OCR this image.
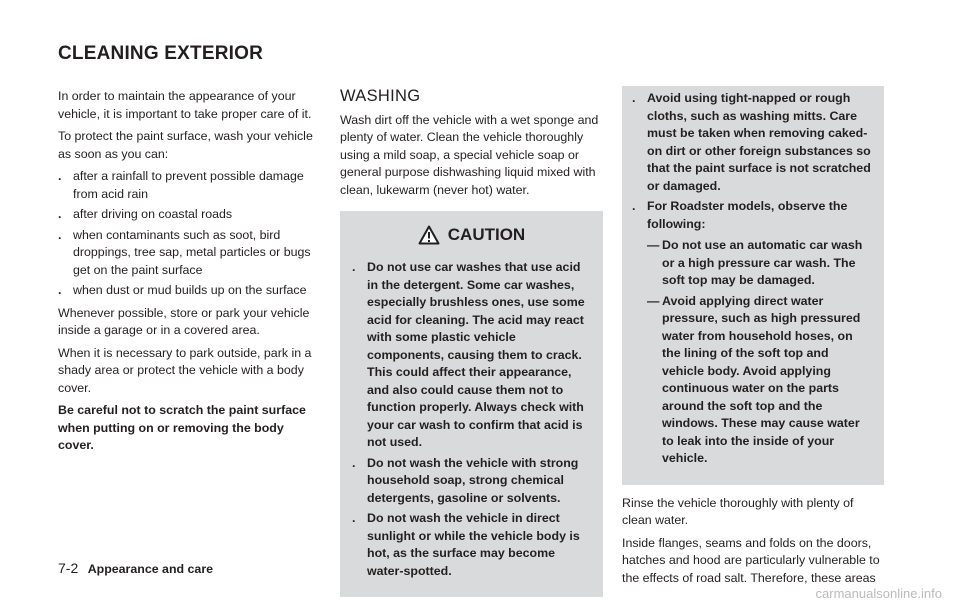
CLEANING EXTERIOR

In order to maintain the appearance of your vehicle, it is important to take proper care of it.

To protect the paint surface, wash your vehicle as soon as you can:

. after a rainfall to prevent possible damage from acid rain
. after driving on coastal roads
. when contaminants such as soot, bird droppings, tree sap, metal particles or bugs get on the paint surface
. when dust or mud builds up on the surface

Whenever possible, store or park your vehicle inside a garage or in a covered area.

When it is necessary to park outside, park in a shady area or protect the vehicle with a body cover.

Be careful not to scratch the paint surface when putting on or removing the body cover.

WASHING

Wash dirt off the vehicle with a wet sponge and plenty of water. Clean the vehicle thoroughly using a mild soap, a special vehicle soap or general purpose dishwashing liquid mixed with clean, lukewarm (never hot) water.

CAUTION
. Do not use car washes that use acid in the detergent. Some car washes, especially brushless ones, use some acid for cleaning. The acid may react with some plastic vehicle components, causing them to crack. This could affect their appearance, and also could cause them not to function properly. Always check with your car wash to confirm that acid is not used.
. Do not wash the vehicle with strong household soap, strong chemical detergents, gasoline or solvents.
. Do not wash the vehicle in direct sunlight or while the vehicle body is hot, as the surface may become water-spotted.
. Avoid using tight-napped or rough cloths, such as washing mitts. Care must be taken when removing caked-on dirt or other foreign substances so that the paint surface is not scratched or damaged.
. For Roadster models, observe the following:
— Do not use an automatic car wash or a high pressure car wash. The soft top may be damaged.
— Avoid applying direct water pressure, such as high pressured water from household hoses, on the lining of the soft top and vehicle body. Avoid applying continuous water on the parts around the soft top and the windows. These may cause water to leak into the inside of your vehicle.

Rinse the vehicle thoroughly with plenty of clean water.

Inside flanges, seams and folds on the doors, hatches and hood are particularly vulnerable to the effects of road salt. Therefore, these areas

7-2 Appearance and care
carmanualsonline.info
